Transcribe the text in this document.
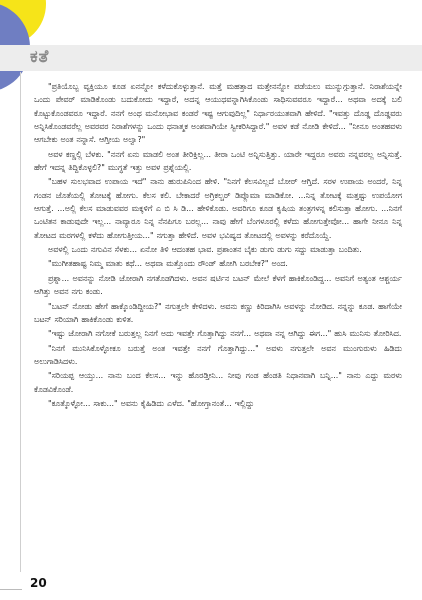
ಕತೆ

"ಪ್ರತಿಯೊಬ್ಬ ವ್ಯಕ್ತಿಯೂ ಕೂಡ ಏನನ್ನೋ ಕಳೆದುಕೊಳ್ಳುತ್ತಾನೆ. ಮತ್ತೆ ಮಹತ್ತಾದ ಮತ್ತೇನನ್ನೋ ಪಡೆಯಲು ಮುನ್ನುಗ್ಗುತ್ತಾನೆ. ನಿರಾಶೆಯನ್ನೇ ಒಂದು ಪೇವರ್ ಮಾಡಿಕೊಂಡು ಬದುಕೋದು ಇದ್ದಾರೆ, ಅದನ್ನ ಆಯುಧವನ್ನಾಗಿಸಿಕೊಂಡು ಸಾಧಿಸುವವರೂ ಇದ್ದಾರೆ... ಅಥವಾ ಅದಕ್ಕೆ ಬಲಿ ಕೊಟ್ಟುಕೊಂಡವರೂ ಇದ್ದಾರೆ. ನನಗೆ ಅಂಥ ಮನೋಭಾವ ಕಂಡರೆ ಇಷ್ಟ ಆಗುವುದಿಲ್ಲ" ನಿರ್ಧಾರಯುತವಾಗಿ ಹೇಳಿದೆ. "ಇವತ್ತು ದೊಡ್ಡ ದೊಡ್ಡವರು ಅನ್ನಿಸಿಕೊಂಡವರೆಲ್ಲ ಅವರವರ ನಿರಾಶೆಗಳನ್ನು ಒಂದು ಧನಾತ್ಮಕ ಅಂಶವಾಗಿಯೇ ಸ್ವೀಕರಿಸಿದ್ದಾರೆ." ಅವಳ ಕಡೆ ನೋಡಿ ಕೇಳಿದೆ... "ನೀನೂ ಅಂತಹವಳು ಆಗಬೇಕು ಅಂತ ನನ್ನಾಸೆ. ಆಗ್ತೀಯ ಅಲ್ವಾ?"

ಅವಳ ಕಣ್ಣಲ್ಲಿ ಬೆಳಕು. "ನನಗೆ ಏನು ಮಾಡಲಿ ಅಂತ ತೀರಿಕ್ತಿಲ್ಲ... ತೀರಾ ಒಂಟಿ ಅನ್ನಿಸುತ್ತಿತ್ತು. ಯಾರೇ ಇದ್ದರೂ ಅವರು ನನ್ನವರಲ್ಲ ಅನ್ನಿಸುತ್ತೆ. ಹೇಗೆ ಇದನ್ನ ತಿದ್ದಿಕೊಳ್ಳಲಿ?" ಮುಗ್ಧತೆ ಇತ್ತು ಅವಳ ಪ್ರಶ್ನೆಯಲ್ಲಿ.

"ಬಹಳ ಸುಲಭವಾದ ಉಪಾಯ ಇದೆ" ನಾನು ಹುರುಪಿನಿಂದ ಹೇಳಿ. "ನಿನಗೆ ಕೆಲಸವಿಲ್ಲದೆ ಬೋರ್ ಆಗ್ತಿದೆ. ಸರಳ ಉಪಾಯ ಅಂದರೆ, ನಿನ್ನ ಗಂಡನ ಜೊತೆಯಲ್ಲಿ ತೋಟಕ್ಕೆ ಹೋಗು. ಕೆಲಸ ಕಲಿ. ಬೇಕಾದರೆ ಅಗ್ರಿಕಲ್ಚರ್ ಡಿಪ್ಲೊಮಾ ಮಾಡಿಕೋ. ...ನಿನ್ನ ತೋಟಕ್ಕೆ ಮತ್ತಷ್ಟು ಉಪಯೋಗ ಆಗುತ್ತೆ. ...ಅಲ್ಲಿ ಕೆಲಸ ಮಾಡುವವರ ಮಕ್ಕಳಿಗೆ ಎ ಬಿ ಸಿ ಡಿ... ಹೇಳಿಕೊಡು. ಅವರಿಗೂ ಕೂಡ ಕೃಷಿಯ ತಂತ್ರಗಳನ್ನ ಕಲಿಸುತ್ತಾ ಹೋಗು. ...ನಿನಗೆ ಒಂಟಿತನ ಕಾಡುವುದೇ ಇಲ್ಲ... ನಾವ್ಯಾರೂ ನಿನ್ನ ನೆನಪಿಗೂ ಬರಲ್ಲ... ನಾವು ಹೇಗೆ ಬೆಂಗಳೂರಲ್ಲಿ ಕಳೆದು ಹೋಗುತ್ತೇವೋ... ಹಾಗೇ ನೀನೂ ನಿನ್ನ ತೋಟದ ಮರಗಳಲ್ಲಿ ಕಳೆದು ಹೋಗುತ್ತೀಯ..." ನಗುತ್ತಾ ಹೇಳಿದೆ. ಅವಳ ಭವಿಷ್ಯದ ತೋಟದಲ್ಲಿ ಅವಳನ್ನು ಕರೆದೊಯ್ದೆ.

ಅವಳಲ್ಲಿ ಒಂದು ನಗುವಿನ ಸೆಳಕು... ಏನೋ ತಿಳಿ ಆದಂತಹ ಭಾವ. ಪ್ರಶಾಂತನ ಬೈಕು ಡುಗು ಡುಗು ಸದ್ದು ಮಾಡುತ್ತಾ ಬಂದಿತು.

"ಮುಗೀತಹಾಷ್ಟ ನಿಮ್ಮ ಮಾತು ಕಥೆ... ಅಥವಾ ಮತ್ತೊಂದು ರೌಂಡ್ ಹೋಗಿ ಬರಬೇಕ?" ಅಂದ.

ಪ್ರಶ್ನಾ... ಅವನನ್ನು ನೋಡಿ ಜೋರಾಗಿ ನಗತೊಡಗಿದಳು. ಅವನ ಷರ್ಟಿನ ಬಟನ್ ಮೇಲೆ ಕೆಳಗೆ ಹಾಕಿಕೊಂಡಿದ್ದ... ಅವನಿಗೆ ಅತ್ಯಂತ ಆಶ್ಚರ್ಯ ಆಗಿತ್ತು ಅವನ ನಗು ಕಂಡು.

"ಬಟನ್ ನೋಡು ಹೇಗೆ ಹಾಕ್ಕೊಂಡಿದ್ದೀಯ?" ನಗುತ್ತಲೇ ಕೇಳಿದಳು. ಅವನು ಕಣ್ಣು ಕಿರಿದಾಗಿಸಿ ಅವಳನ್ನು ನೋಡಿದ. ನನ್ನನ್ನು ಕೂಡ. ಹಾಗೆಯೇ ಬಟನ್ ಸರಿಯಾಗಿ ಹಾಕಿಕೊಂಡು ಕುಳಿತ.

"ಇಷ್ಟು ಜೋರಾಗಿ ನಗೋಕೆ ಬರುತ್ತಲ್ಲ ನಿನಗೆ ಅದು ಇವತ್ತೇ ಗೊತ್ತಾಗಿದ್ದು ನನಗೆ... ಅಥವಾ ನನ್ನ ಆಗಿದ್ದು ಈಗ..." ಹುಸಿ ಮುನಿಸು ತೋರಿಸಿದ.

"ನಿನಗೆ ಮುನಿಸಿಕೊಳ್ಳೋಕೂ ಬರುತ್ತೆ ಅಂತ ಇವತ್ತೇ ನನಗೆ ಗೊತ್ತಾಗಿದ್ದು..." ಅವಳು ನಗುತ್ತಲೇ ಅವನ ಮುಂಗುರುಳು ಹಿಡಿದು ಅಲುಗಾಡಿಸಿದಳು.

"ಸರಿಯಪ್ಪ ಆಯ್ತು... ನಾನು ಬಂದ ಕೆಲಸ... ಇನ್ನು ಹೊರಡ್ತೀನಿ... ನೀವು ಗಂಡ ಹೆಂಡತಿ ನಿಧಾನವಾಗಿ ಬನ್ನಿ..." ನಾನು ಎದ್ದು ಮರಳು ಕೊಡವಿಕೊಂಡೆ.

"ಕೂತ್ಕೊಳ್ಳೋ... ಸಾಕು..." ಅವನು ಕೈಹಿಡಿದು ಎಳೆದ. "ಹೋಗ್ತಾನಂತೆ... ಇಲ್ಲಿದ್ದು

20
